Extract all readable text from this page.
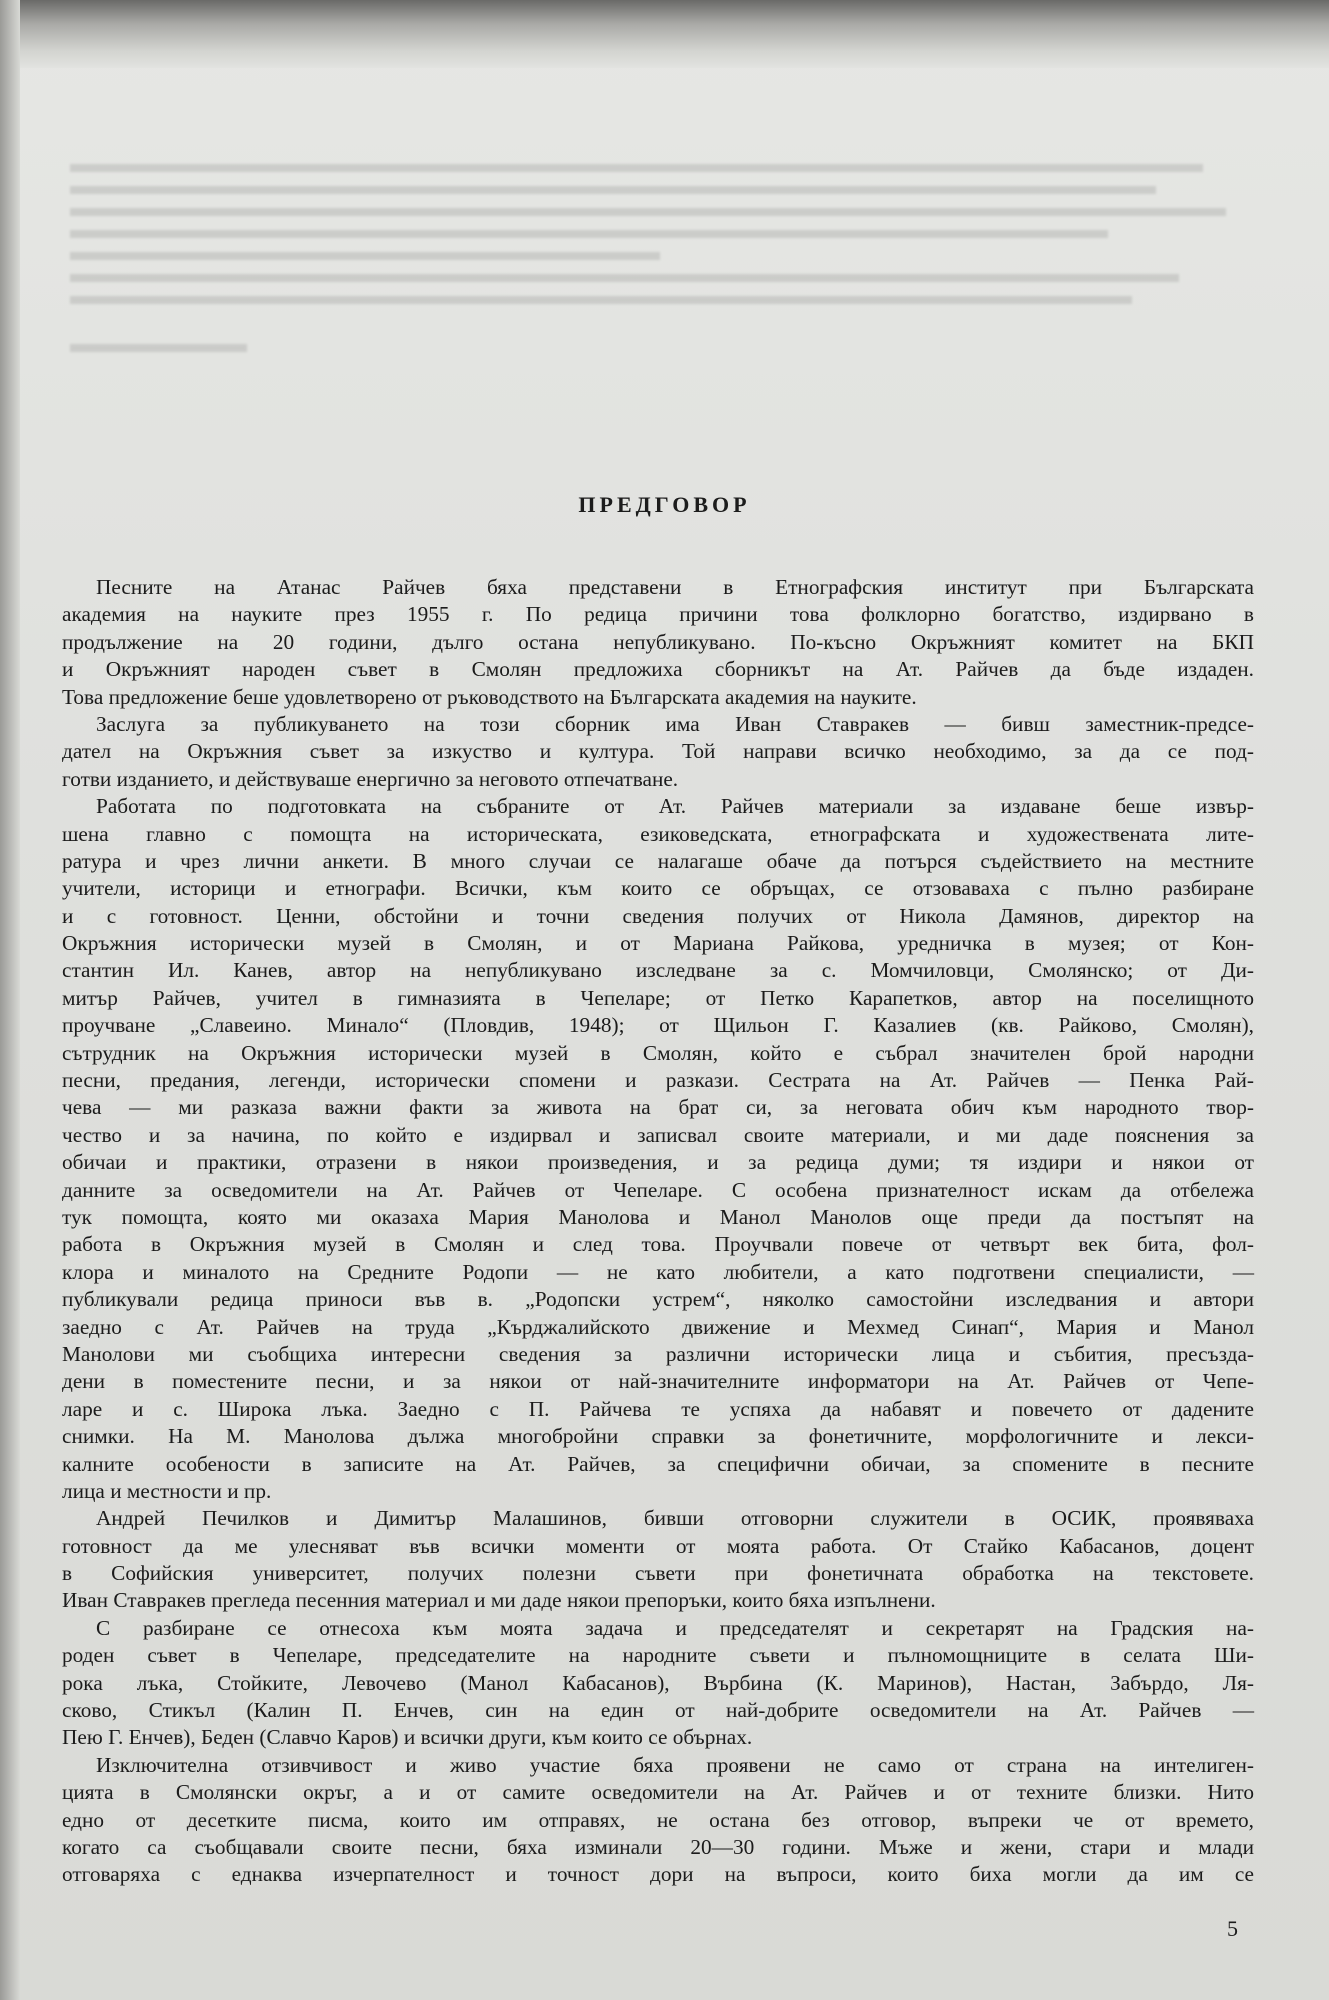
ПРЕДГОВОР
Песните на Атанас Райчев бяха представени в Етнографския институт при Българската
академия на науките през 1955 г. По редица причини това фолклорно богатство, издирвано в
продължение на 20 години, дълго остана непубликувано. По-късно Окръжният комитет на БКП
и Окръжният народен съвет в Смолян предложиха сборникът на Ат. Райчев да бъде издаден.
Това предложение беше удовлетворено от ръководството на Българската академия на науките.
Заслуга за публикуването на този сборник има Иван Ставракев — бивш заместник-предсе-
дател на Окръжния съвет за изкуство и култура. Той направи всичко необходимо, за да се под-
готви изданието, и действуваше енергично за неговото отпечатване.
Работата по подготовката на събраните от Ат. Райчев материали за издаване беше извър-
шена главно с помощта на историческата, езиковедската, етнографската и художествената лите-
ратура и чрез лични анкети. В много случаи се налагаше обаче да потърся съдействието на местните
учители, историци и етнографи. Всички, към които се обръщах, се отзоваваха с пълно разбиране
и с готовност. Ценни, обстойни и точни сведения получих от Никола Дамянов, директор на
Окръжния исторически музей в Смолян, и от Мариана Райкова, уредничка в музея; от Кон-
стантин Ил. Канев, автор на непубликувано изследване за с. Момчиловци, Смолянско; от Ди-
митър Райчев, учител в гимназията в Чепеларе; от Петко Карапетков, автор на поселищното
проучване „Славеино. Минало“ (Пловдив, 1948); от Щильон Г. Казалиев (кв. Райково, Смолян),
сътрудник на Окръжния исторически музей в Смолян, който е събрал значителен брой народни
песни, предания, легенди, исторически спомени и разкази. Сестрата на Ат. Райчев — Пенка Рай-
чева — ми разказа важни факти за живота на брат си, за неговата обич към народното твор-
чество и за начина, по който е издирвал и записвал своите материали, и ми даде пояснения за
обичаи и практики, отразени в някои произведения, и за редица думи; тя издири и някои от
данните за осведомители на Ат. Райчев от Чепеларе. С особена признателност искам да отбележа
тук помощта, която ми оказаха Мария Манолова и Манол Манолов още преди да постъпят на
работа в Окръжния музей в Смолян и след това. Проучвали повече от четвърт век бита, фол-
клора и миналото на Средните Родопи — не като любители, а като подготвени специалисти, —
публикували редица приноси във в. „Родопски устрем“, няколко самостойни изследвания и автори
заедно с Ат. Райчев на труда „Кърджалийското движение и Мехмед Синап“, Мария и Манол
Манолови ми съобщиха интересни сведения за различни исторически лица и събития, пресъзда-
дени в поместените песни, и за някои от най-значителните информатори на Ат. Райчев от Чепе-
ларе и с. Широка лъка. Заедно с П. Райчева те успяха да набавят и повечето от дадените
снимки. На М. Манолова дължа многобройни справки за фонетичните, морфологичните и лекси-
калните особености в записите на Ат. Райчев, за специфични обичаи, за спомените в песните
лица и местности и пр.
Андрей Печилков и Димитър Малашинов, бивши отговорни служители в ОСИК, проявяваха
готовност да ме улесняват във всички моменти от моята работа. От Стайко Кабасанов, доцент
в Софийския университет, получих полезни съвети при фонетичната обработка на текстовете.
Иван Ставракев прегледа песенния материал и ми даде някои препоръки, които бяха изпълнени.
С разбиране се отнесоха към моята задача и председателят и секретарят на Градския на-
роден съвет в Чепеларе, председателите на народните съвети и пълномощниците в селата Ши-
рока лъка, Стойките, Левочево (Манол Кабасанов), Върбина (К. Маринов), Настан, Забърдо, Ля-
сково, Стикъл (Калин П. Енчев, син на един от най-добрите осведомители на Ат. Райчев —
Пею Г. Енчев), Беден (Славчо Каров) и всички други, към които се обърнах.
Изключителна отзивчивост и живо участие бяха проявени не само от страна на интелиген-
цията в Смолянски окръг, а и от самите осведомители на Ат. Райчев и от техните близки. Нито
едно от десетките писма, които им отправях, не остана без отговор, въпреки че от времето,
когато са съобщавали своите песни, бяха изминали 20—30 години. Мъже и жени, стари и млади
отговаряха с еднаква изчерпателност и точност дори на въпроси, които биха могли да им се
5
